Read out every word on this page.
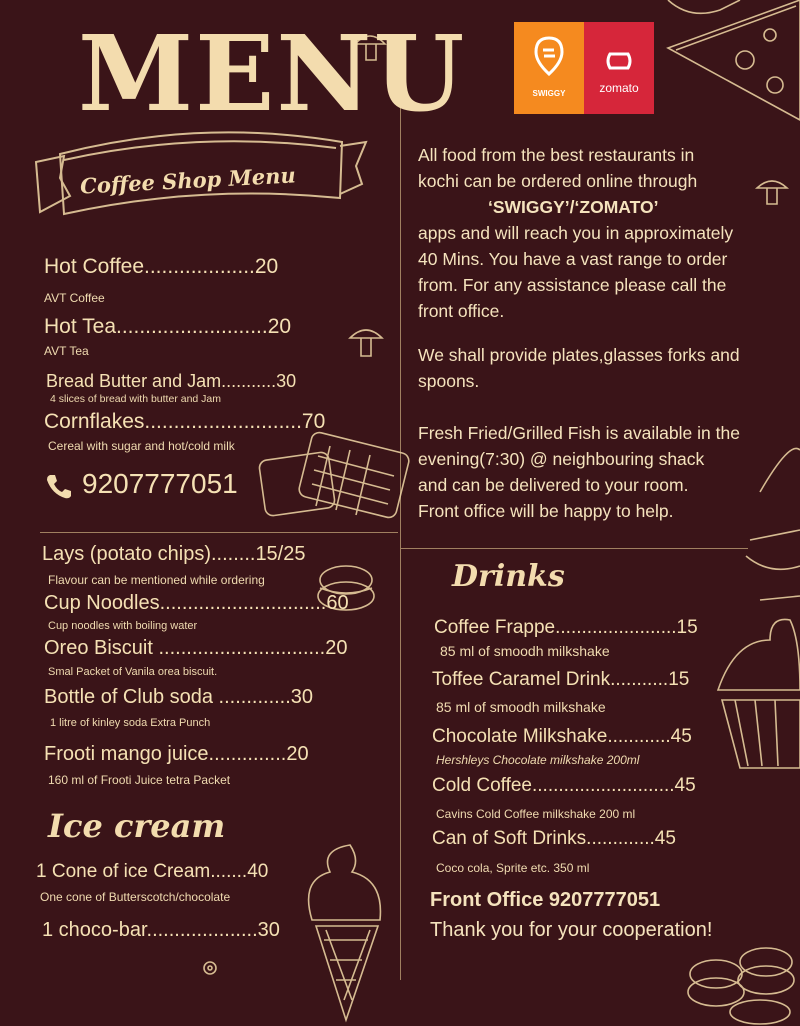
MENU
Coffee Shop Menu
SWIGGY	zomato
Hot Coffee...................20
AVT Coffee
Hot Tea..........................20
AVT Tea
Bread Butter and Jam...........30
4 slices of bread with butter and Jam
Cornflakes...........................70
Cereal with sugar and hot/cold milk
9207777051
Lays (potato chips)........15/25
Flavour can be mentioned while ordering
Cup Noodles..............................60
Cup noodles with boiling water
Oreo Biscuit ..............................20
Smal Packet of Vanila orea biscuit.
Bottle of Club soda .............30
1 litre of kinley soda Extra Punch
Frooti mango juice..............20
160 ml of Frooti Juice tetra Packet
Ice cream
1 Cone of ice Cream.......40
One cone of Butterscotch/chocolate
1 choco-bar....................30
All food from the best restaurants in
kochi can be ordered online through
‘SWIGGY’/‘ZOMATO’
apps and will reach you in approximately
40 Mins. You have a vast range to order
from. For any assistance please call the
front office.
We shall provide plates,glasses forks and
spoons.
Fresh Fried/Grilled Fish is available in the
evening(7:30) @ neighbouring shack
and can be delivered to your room.
Front office will be happy to help.
Drinks
Coffee Frappe.......................15
85 ml of smoodh milkshake
Toffee Caramel Drink...........15
85 ml of smoodh milkshake
Chocolate Milkshake............45
Hershleys Chocolate milkshake 200ml
Cold Coffee...........................45
Cavins Cold Coffee milkshake 200 ml
Can of Soft Drinks.............45
Coco cola, Sprite etc. 350 ml
Front Office 9207777051
Thank you for your cooperation!
